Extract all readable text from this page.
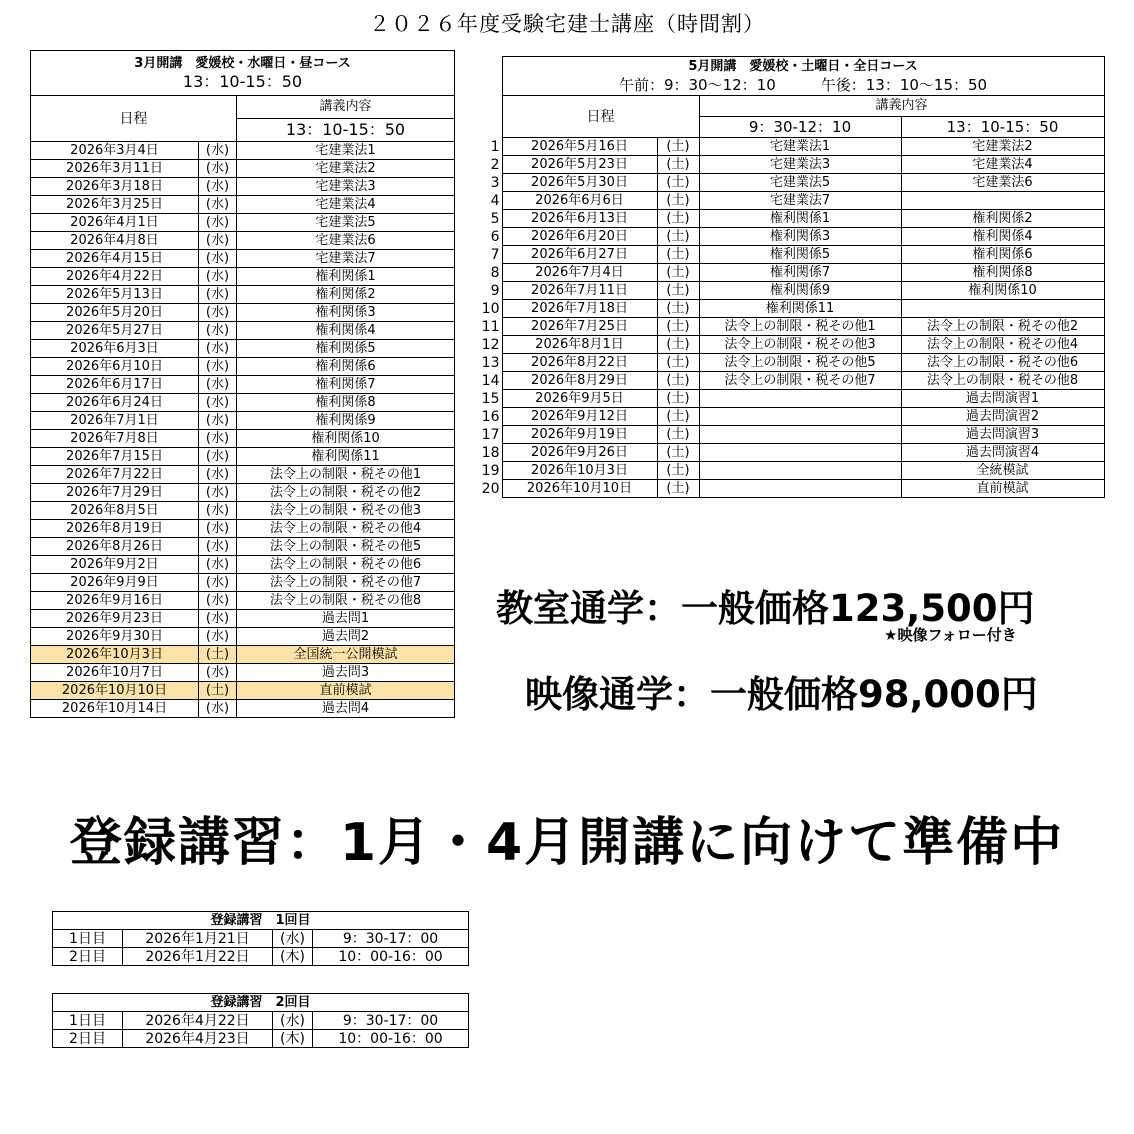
２０２６年度受験宅建士講座（時間割）
3月開講　愛媛校・水曜日・昼コース
13：10-15：50		

日程		講義内容
		13：10-15：50
2026年3月4日	(水)	宅建業法1
2026年3月11日	(水)	宅建業法2
2026年3月18日	(水)	宅建業法3
2026年3月25日	(水)	宅建業法4
2026年4月1日	(水)	宅建業法5
2026年4月8日	(水)	宅建業法6
2026年4月15日	(水)	宅建業法7
2026年4月22日	(水)	権利関係1
2026年5月13日	(水)	権利関係2
2026年5月20日	(水)	権利関係3
2026年5月27日	(水)	権利関係4
2026年6月3日	(水)	権利関係5
2026年6月10日	(水)	権利関係6
2026年6月17日	(水)	権利関係7
2026年6月24日	(水)	権利関係8
2026年7月1日	(水)	権利関係9
2026年7月8日	(水)	権利関係10
2026年7月15日	(水)	権利関係11
2026年7月22日	(水)	法令上の制限・税その他1
2026年7月29日	(水)	法令上の制限・税その他2
2026年8月5日	(水)	法令上の制限・税その他3
2026年8月19日	(水)	法令上の制限・税その他4
2026年8月26日	(水)	法令上の制限・税その他5
2026年9月2日	(水)	法令上の制限・税その他6
2026年9月9日	(水)	法令上の制限・税その他7
2026年9月16日	(水)	法令上の制限・税その他8
2026年9月23日	(水)	過去問1
2026年9月30日	(水)	過去問2
2026年10月3日	(土)	全国統一公開模試
2026年10月7日	(水)	過去問3
2026年10月10日	(土)	直前模試
2026年10月14日	(水)	過去問4

	5月開講　愛媛校・土曜日・全日コース
午前：9：30～12：10　　　午後：13：10～15：50			

	日程		講義内容	
			9：30-12：10	13：10-15：50
1	2026年5月16日	(土)	宅建業法1	宅建業法2
2	2026年5月23日	(土)	宅建業法3	宅建業法4
3	2026年5月30日	(土)	宅建業法5	宅建業法6
4	2026年6月6日	(土)	宅建業法7	
5	2026年6月13日	(土)	権利関係1	権利関係2
6	2026年6月20日	(土)	権利関係3	権利関係4
7	2026年6月27日	(土)	権利関係5	権利関係6
8	2026年7月4日	(土)	権利関係7	権利関係8
9	2026年7月11日	(土)	権利関係9	権利関係10
10	2026年7月18日	(土)	権利関係11	
11	2026年7月25日	(土)	法令上の制限・税その他1	法令上の制限・税その他2
12	2026年8月1日	(土)	法令上の制限・税その他3	法令上の制限・税その他4
13	2026年8月22日	(土)	法令上の制限・税その他5	法令上の制限・税その他6
14	2026年8月29日	(土)	法令上の制限・税その他7	法令上の制限・税その他8
15	2026年9月5日	(土)		過去問演習1
16	2026年9月12日	(土)		過去問演習2
17	2026年9月19日	(土)		過去問演習3
18	2026年9月26日	(土)		過去問演習4
19	2026年10月3日	(土)		全統模試
20	2026年10月10日	(土)		直前模試
教室通学：一般価格123,500円
★映像フォロー付き
映像通学：一般価格98,000円
登録講習：1月・4月開講に向けて準備中
登録講習　1回目			
1日目	2026年1月21日	(水)	9：30-17：00
2日目	2026年1月22日	(木)	10：00-16：00
登録講習　2回目			
1日目	2026年4月22日	(水)	9：30-17：00
2日目	2026年4月23日	(木)	10：00-16：00
